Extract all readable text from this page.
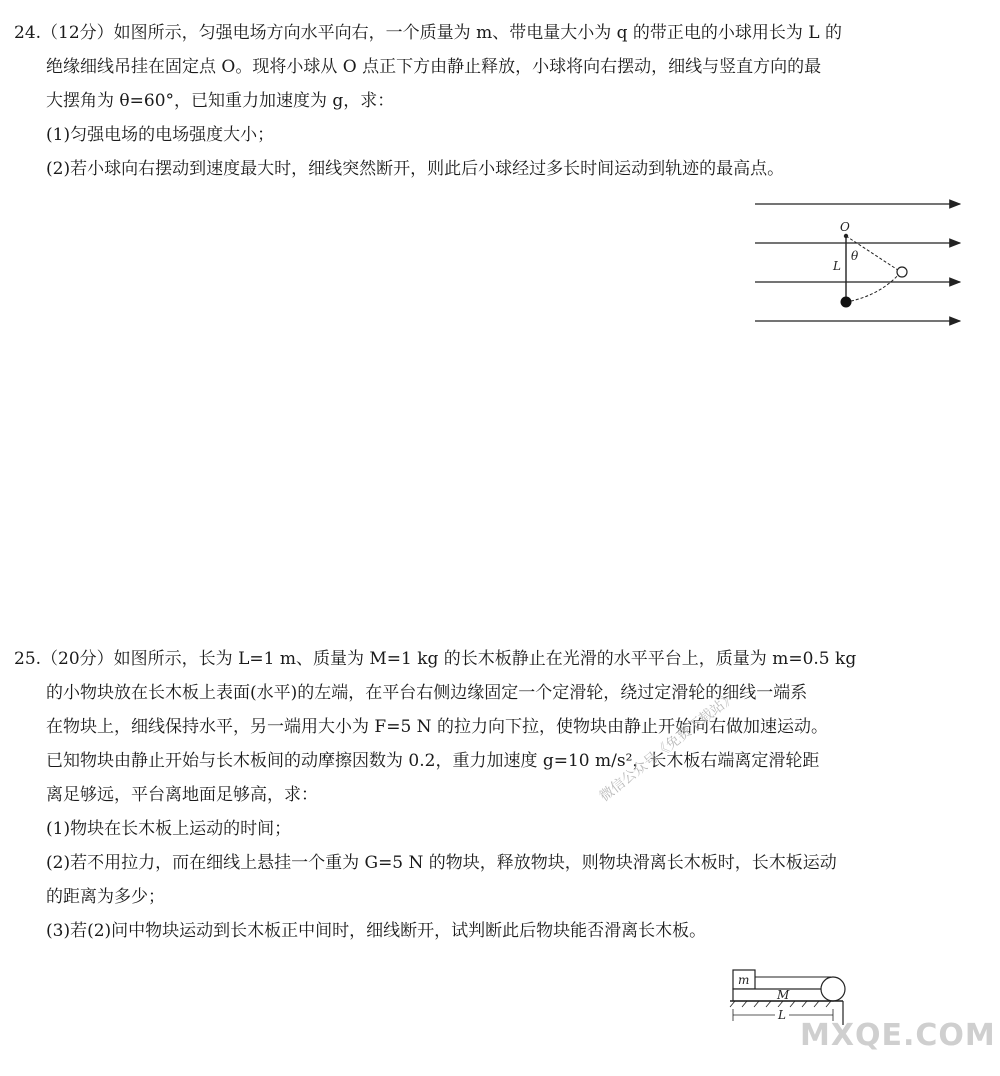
24.（12分）如图所示，匀强电场方向水平向右，一个质量为 m、带电量大小为 q 的带正电的小球用长为 L 的
绝缘细线吊挂在固定点 O。现将小球从 O 点正下方由静止释放，小球将向右摆动，细线与竖直方向的最
大摆角为 θ=60°，已知重力加速度为 g，求：
(1)匀强电场的电场强度大小；
(2)若小球向右摆动到速度最大时，细线突然断开，则此后小球经过多长时间运动到轨迹的最高点。
O
θ
L
25.（20分）如图所示，长为 L=1 m、质量为 M=1 kg 的长木板静止在光滑的水平平台上，质量为 m=0.5 kg
的小物块放在长木板上表面(水平)的左端，在平台右侧边缘固定一个定滑轮，绕过定滑轮的细线一端系
在物块上，细线保持水平，另一端用大小为 F=5 N 的拉力向下拉，使物块由静止开始向右做加速运动。
已知物块由静止开始与长木板间的动摩擦因数为 0.2，重力加速度 g=10 m/s²，长木板右端离定滑轮距
离足够远，平台离地面足够高，求：
(1)物块在长木板上运动的时间；
(2)若不用拉力，而在细线上悬挂一个重为 G=5 N 的物块，释放物块，则物块滑离长木板时，长木板运动
的距离为多少；
(3)若(2)问中物块运动到长木板正中间时，细线断开，试判断此后物块能否滑离长木板。
m
M
L
微信公众号《免费下载站》
MXQE.COM
